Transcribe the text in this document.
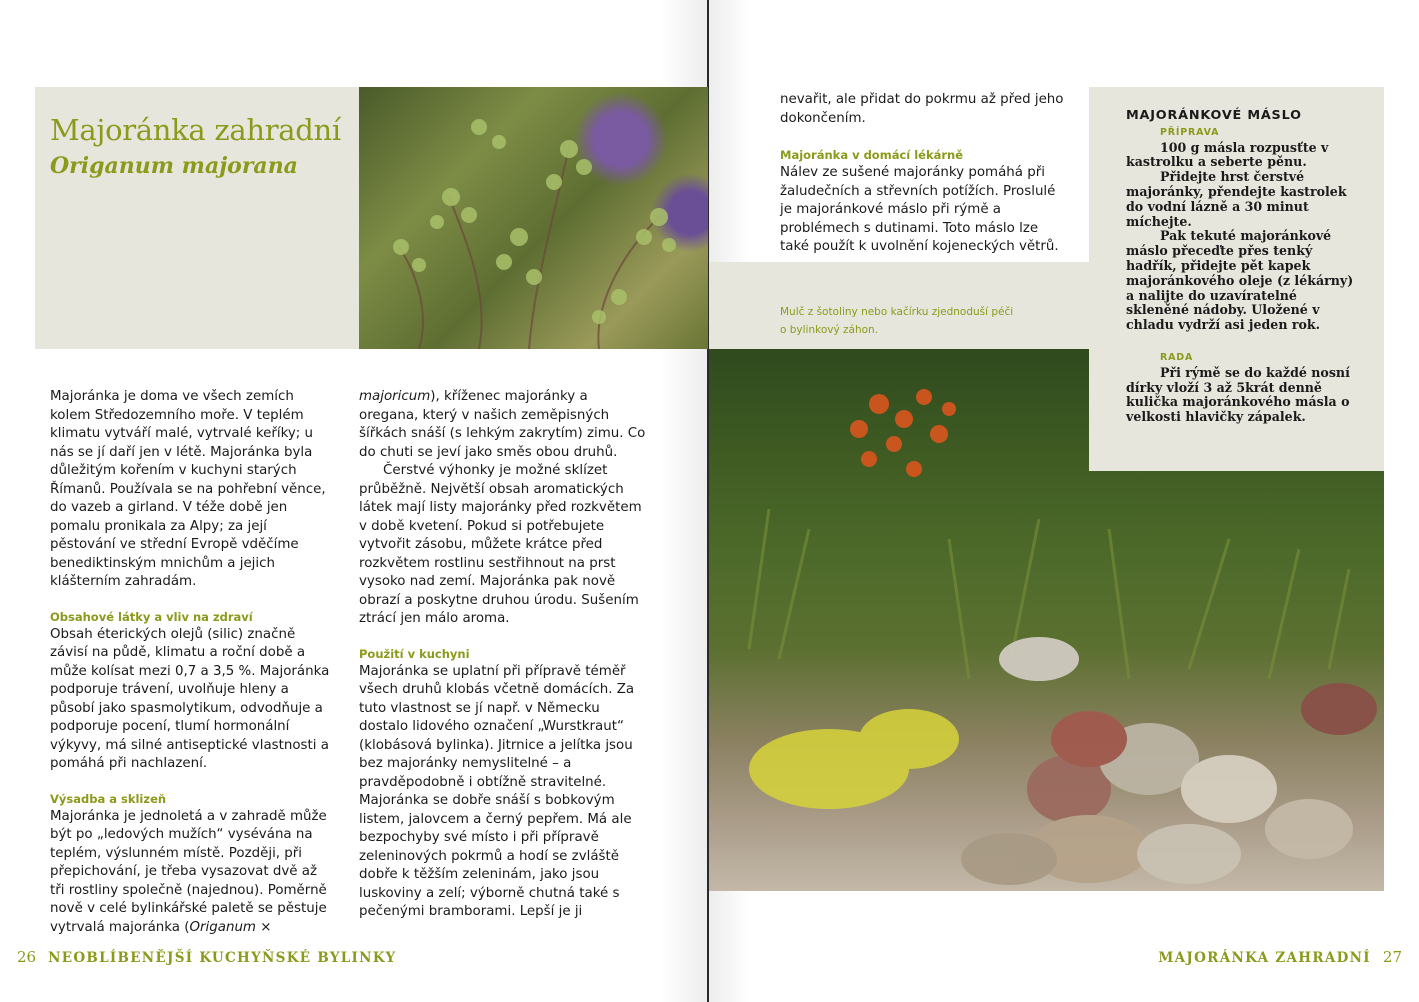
Majoránka zahradní
Origanum majorana

Majoránka je doma ve všech zemích kolem Středozemního moře. V teplém klimatu vytváří malé, vytrvalé keříky; u nás se jí daří jen v létě. Majoránka byla důležitým kořením v kuchyni starých Římanů. Používala se na pohřební věnce, do vazeb a girland. V téže době jen pomalu pronikala za Alpy; za její pěstování ve střední Evropě vděčíme benediktinským mnichům a jejich klášterním zahradám.

Obsahové látky a vliv na zdraví

Obsah éterických olejů (silic) značně závisí na půdě, klimatu a roční době a může kolísat mezi 0,7 a 3,5 %. Majoránka podporuje trávení, uvolňuje hleny a působí jako spasmolytikum, odvodňuje a podporuje pocení, tlumí hormonální výkyvy, má silné antiseptické vlastnosti a pomáhá při nachlazení.

Výsadba a sklizeň

Majoránka je jednoletá a v zahradě může být po „ledových mužích“ vysévána na teplém, výslunném místě. Později, při přepichování, je třeba vysazovat dvě až tři rostliny společně (najednou). Poměrně nově v celé bylinkářské paletě se pěstuje vytrvalá majoránka (Origanum ×

majoricum), kříženec majoránky a oregana, který v našich zeměpisných šířkách snáší (s lehkým zakrytím) zimu. Co do chuti se jeví jako směs obou druhů.

Čerstvé výhonky je možné sklízet průběžně. Největší obsah aromatických látek mají listy majoránky před rozkvětem v době kvetení. Pokud si potřebujete vytvořit zásobu, můžete krátce před rozkvětem rostlinu sestřihnout na prst vysoko nad zemí. Majoránka pak nově obrazí a poskytne druhou úrodu. Sušením ztrácí jen málo aroma.

Použití v kuchyni

Majoránka se uplatní při přípravě téměř všech druhů klobás včetně domácích. Za tuto vlastnost se jí např. v Německu dostalo lidového označení „Wurstkraut“ (klobásová bylinka). Jitrnice a jelítka jsou bez majoránky nemyslitelné – a pravděpodobně i obtížně stravitelné. Majoránka se dobře snáší s bobkovým listem, jalovcem a černý pepřem. Má ale bezpochyby své místo i při přípravě zeleninových pokrmů a hodí se zvláště dobře k těžším zeleninám, jako jsou luskoviny a zelí; výborně chutná také s pečenými bramborami. Lepší je ji

nevařit, ale přidat do pokrmu až před jeho dokončením.

Majoránka v domácí lékárně

Nálev ze sušené majoránky pomáhá při žaludečních a střevních potížích. Proslulé je majoránkové máslo při rýmě a problémech s dutinami. Toto máslo lze také použít k uvolnění kojeneckých větrů.

Mulč z šotoliny nebo kačírku zjednoduší péči o bylinkový záhon.

MAJORÁNKOVÉ MÁSLO
PŘÍPRAVA

100 g másla rozpusťte v kastrolku a seberte pěnu.

Přidejte hrst čerstvé majoránky, přendejte kastrolek do vodní lázně a 30 minut míchejte.

Pak tekuté majoránkové máslo přeceďte přes tenký hadřík, přidejte pět kapek majoránkového oleje (z lékárny) a nalijte do uzavíratelné skleněné nádoby. Uložené v chladu vydrží asi jeden rok.

RADA

Při rýmě se do každé nosní dírky vloží 3 až 5krát denně kulička majoránkového másla o velkosti hlavičky zápalek.

26 NEOBLÍBENĚJŠÍ KUCHYŇSKÉ BYLINKY	MAJORÁNKA ZAHRADNÍ 27
